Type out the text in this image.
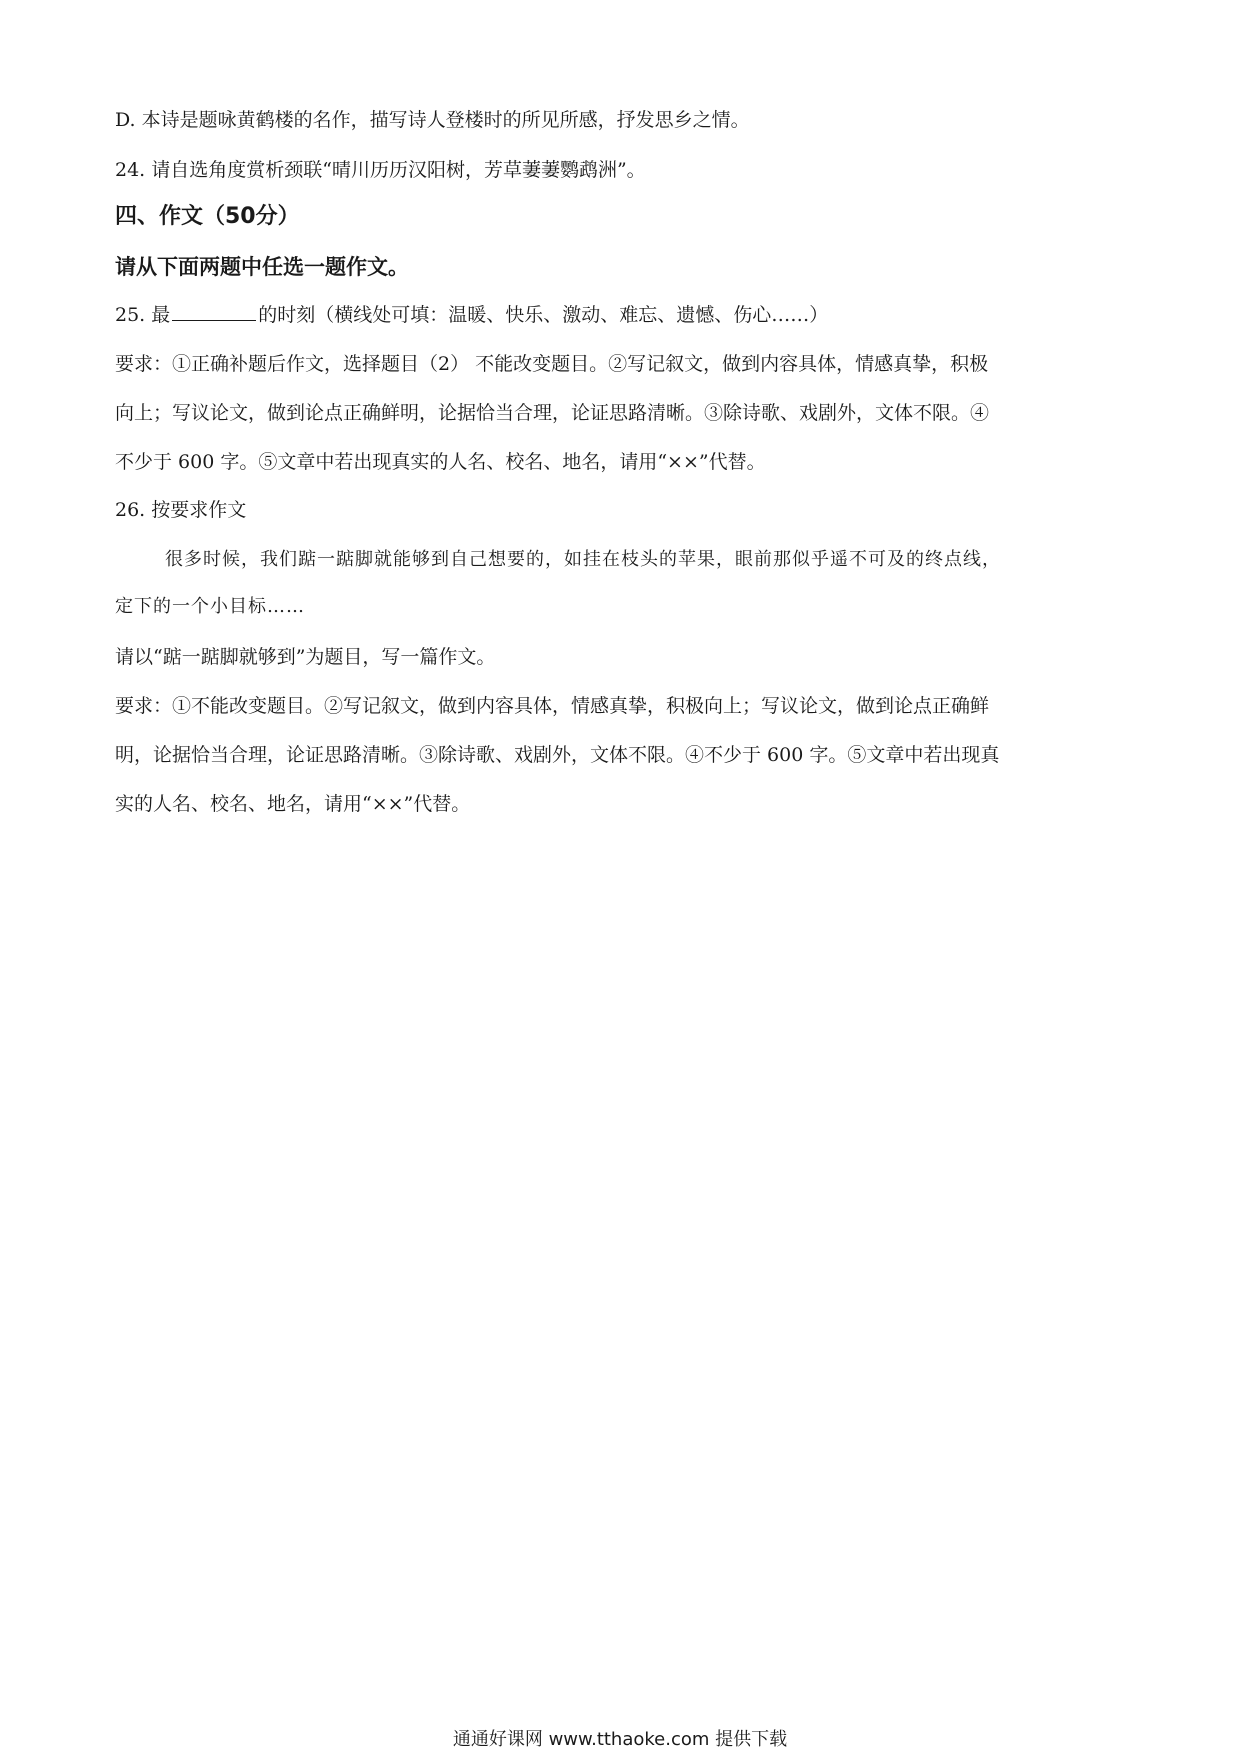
D. 本诗是题咏黄鹤楼的名作，描写诗人登楼时的所见所感，抒发思乡之情。
24. 请自选角度赏析颈联“晴川历历汉阳树，芳草萋萋鹦鹉洲”。
四、作文（50分）
请从下面两题中任选一题作文。
25. 最	的时刻（横线处可填：温暖、快乐、激动、难忘、遗憾、伤心……）
要求：①正确补题后作文，选择题目（2） 不能改变题目。②写记叙文，做到内容具体，情感真挚，积极
向上；写议论文，做到论点正确鲜明，论据恰当合理，论证思路清晰。③除诗歌、戏剧外，文体不限。④
不少于 600 字。⑤文章中若出现真实的人名、校名、地名，请用“××”代替。
26. 按要求作文
很多时候，我们踮一踮脚就能够到自己想要的，如挂在枝头的苹果，眼前那似乎遥不可及的终点线，
定下的一个小目标……
请以“踮一踮脚就够到”为题目，写一篇作文。
要求：①不能改变题目。②写记叙文，做到内容具体，情感真挚，积极向上；写议论文，做到论点正确鲜
明，论据恰当合理，论证思路清晰。③除诗歌、戏剧外，文体不限。④不少于 600 字。⑤文章中若出现真
实的人名、校名、地名，请用“××”代替。
通通好课网 www.tthaoke.com 提供下载
